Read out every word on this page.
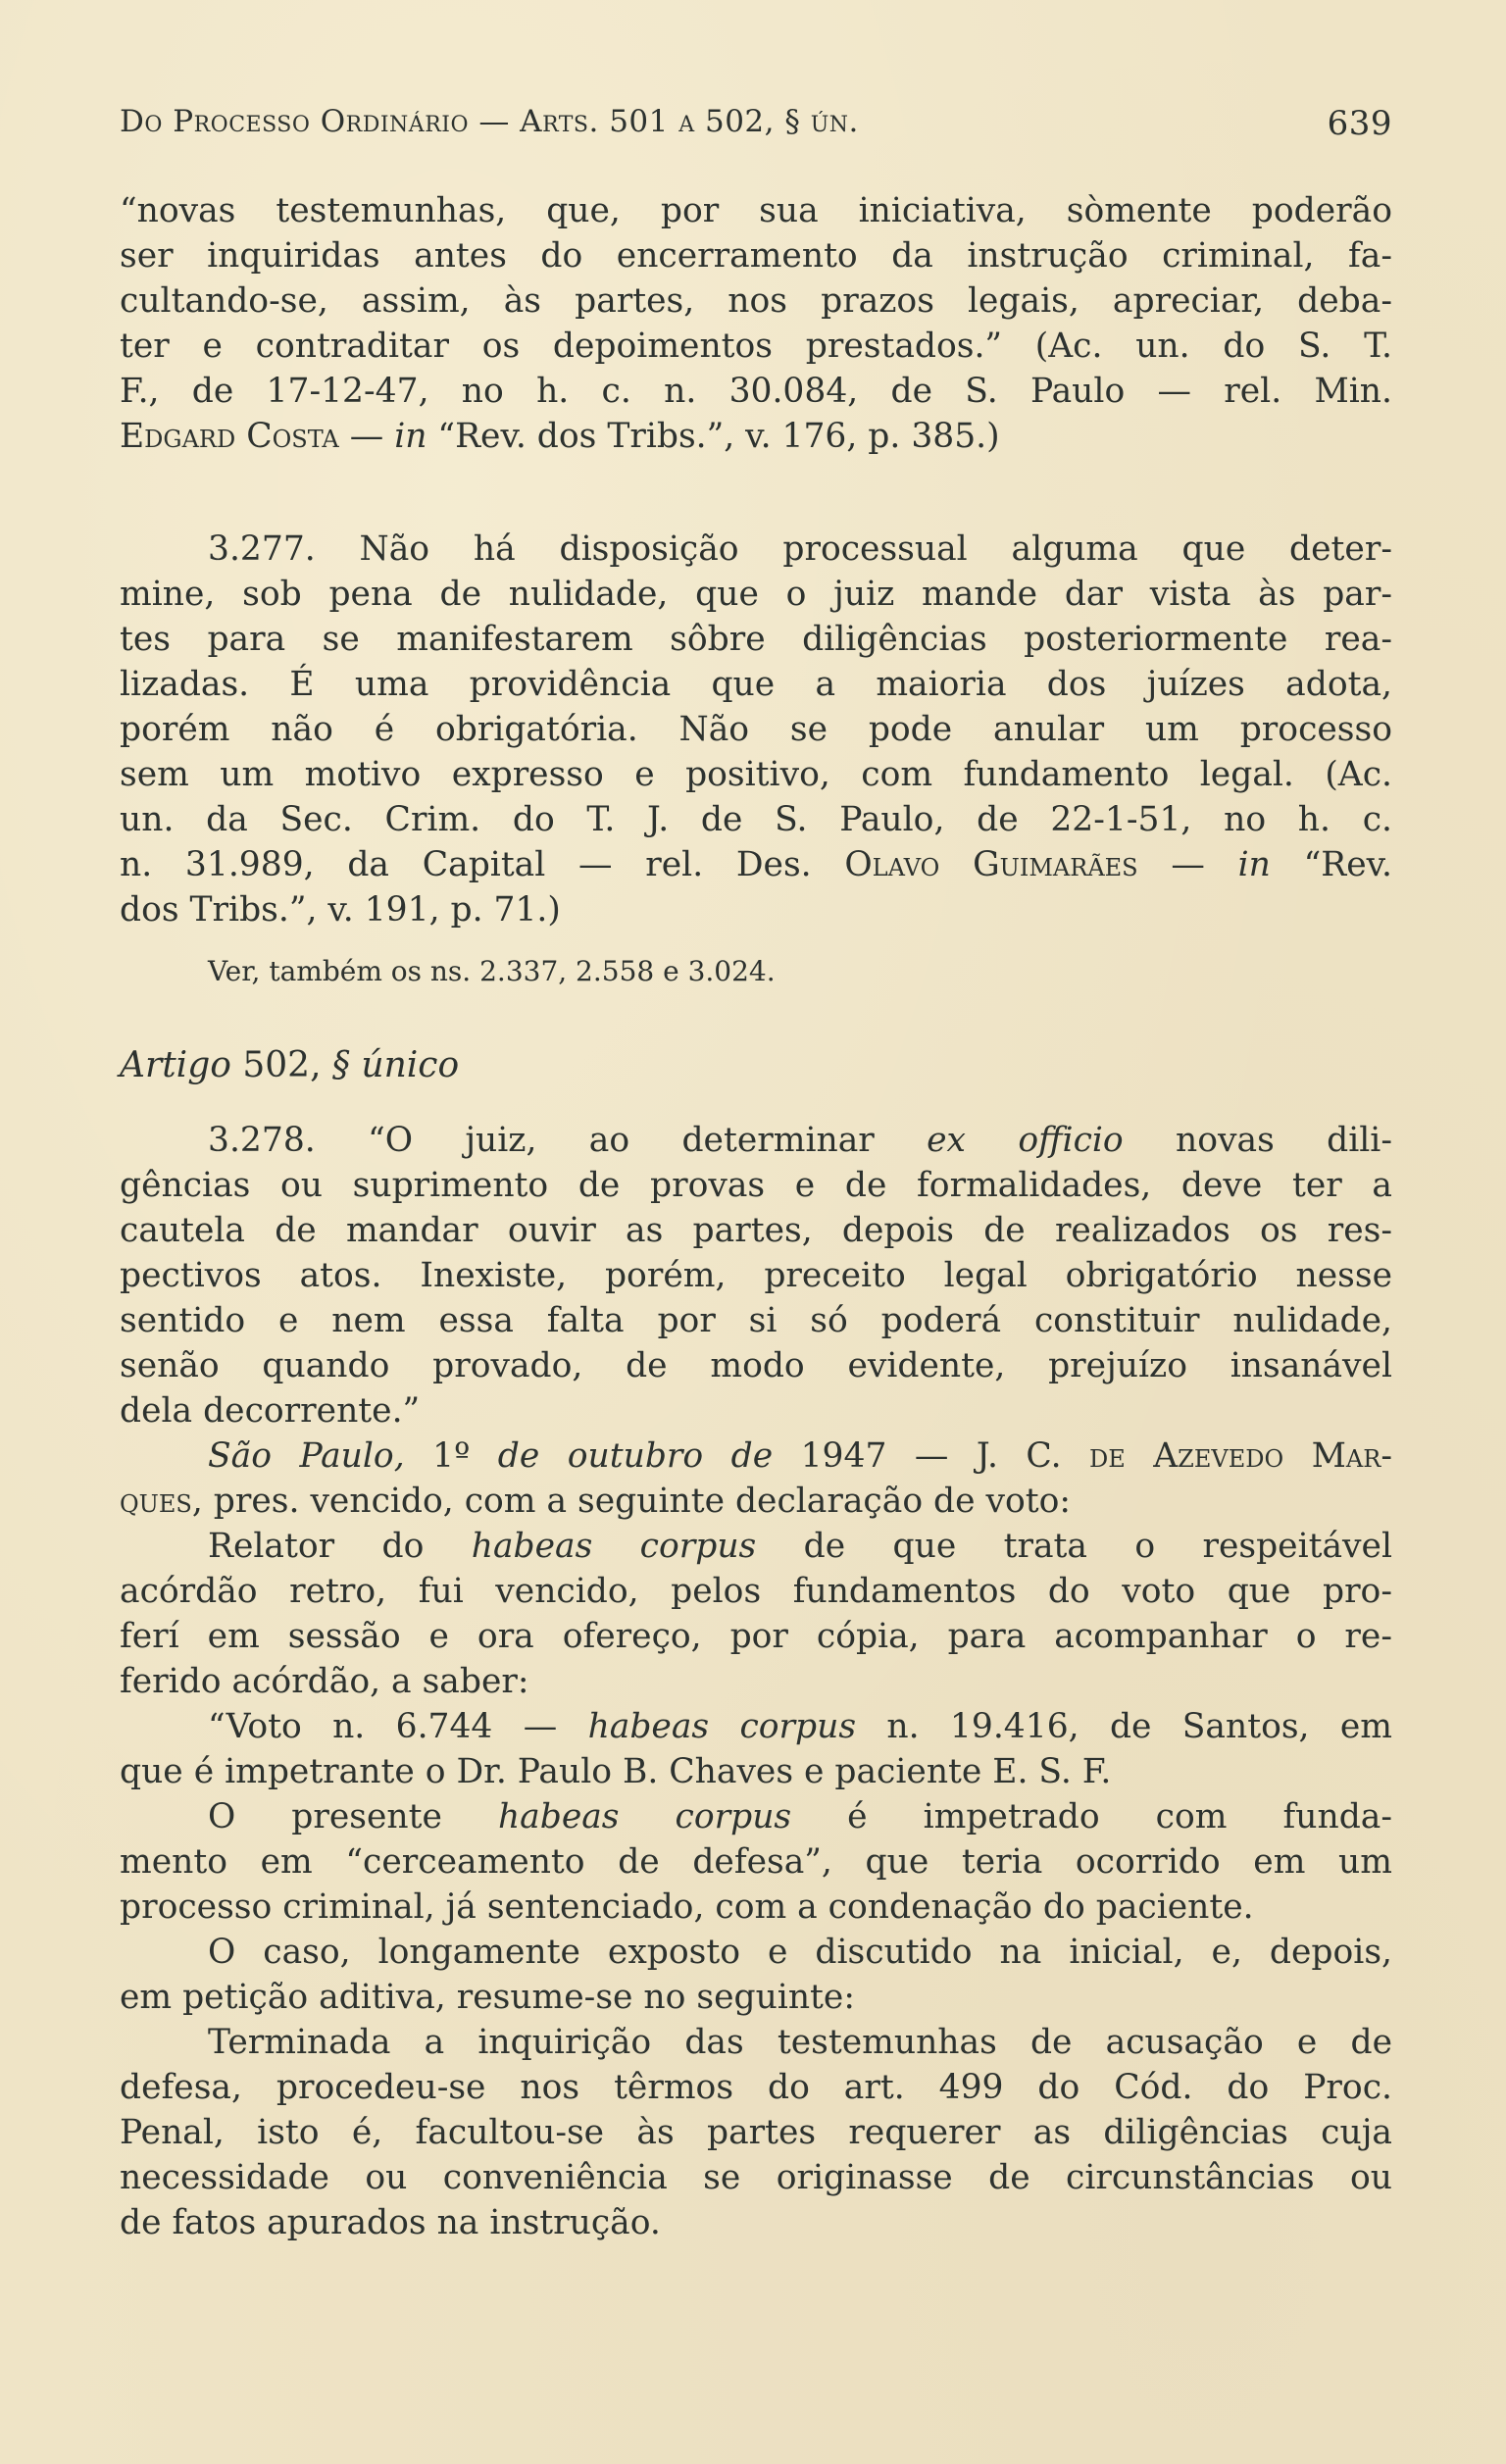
Do Processo Ordinário — Arts. 501 a 502, § ún.	639
“novas testemunhas, que, por sua iniciativa, sòmente poderão
ser inquiridas antes do encerramento da instrução criminal, fa-
cultando-se, assim, às partes, nos prazos legais, apreciar, deba-
ter e contraditar os depoimentos prestados.” (Ac. un. do S. T.
F., de 17-12-47, no h. c. n. 30.084, de S. Paulo — rel. Min.
Edgard Costa — in “Rev. dos Tribs.”, v. 176, p. 385.)
3.277. Não há disposição processual alguma que deter-
mine, sob pena de nulidade, que o juiz mande dar vista às par-
tes para se manifestarem sôbre diligências posteriormente rea-
lizadas. É uma providência que a maioria dos juízes adota,
porém não é obrigatória. Não se pode anular um processo
sem um motivo expresso e positivo, com fundamento legal. (Ac.
un. da Sec. Crim. do T. J. de S. Paulo, de 22-1-51, no h. c.
n. 31.989, da Capital — rel. Des. Olavo Guimarães — in “Rev.
dos Tribs.”, v. 191, p. 71.)
Ver, também os ns. 2.337, 2.558 e 3.024.
Artigo 502, § único
3.278. “O juiz, ao determinar ex officio novas dili-
gências ou suprimento de provas e de formalidades, deve ter a
cautela de mandar ouvir as partes, depois de realizados os res-
pectivos atos. Inexiste, porém, preceito legal obrigatório nesse
sentido e nem essa falta por si só poderá constituir nulidade,
senão quando provado, de modo evidente, prejuízo insanável
dela decorrente.”
São Paulo, 1º de outubro de 1947 — J. C. de Azevedo Mar-
ques, pres. vencido, com a seguinte declaração de voto:
Relator do habeas corpus de que trata o respeitável
acórdão retro, fui vencido, pelos fundamentos do voto que pro-
ferí em sessão e ora ofereço, por cópia, para acompanhar o re-
ferido acórdão, a saber:
“Voto n. 6.744 — habeas corpus n. 19.416, de Santos, em
que é impetrante o Dr. Paulo B. Chaves e paciente E. S. F.
O presente habeas corpus é impetrado com funda-
mento em “cerceamento de defesa”, que teria ocorrido em um
processo criminal, já sentenciado, com a condenação do paciente.
O caso, longamente exposto e discutido na inicial, e, depois,
em petição aditiva, resume-se no seguinte:
Terminada a inquirição das testemunhas de acusação e de
defesa, procedeu-se nos têrmos do art. 499 do Cód. do Proc.
Penal, isto é, facultou-se às partes requerer as diligências cuja
necessidade ou conveniência se originasse de circunstâncias ou
de fatos apurados na instrução.
